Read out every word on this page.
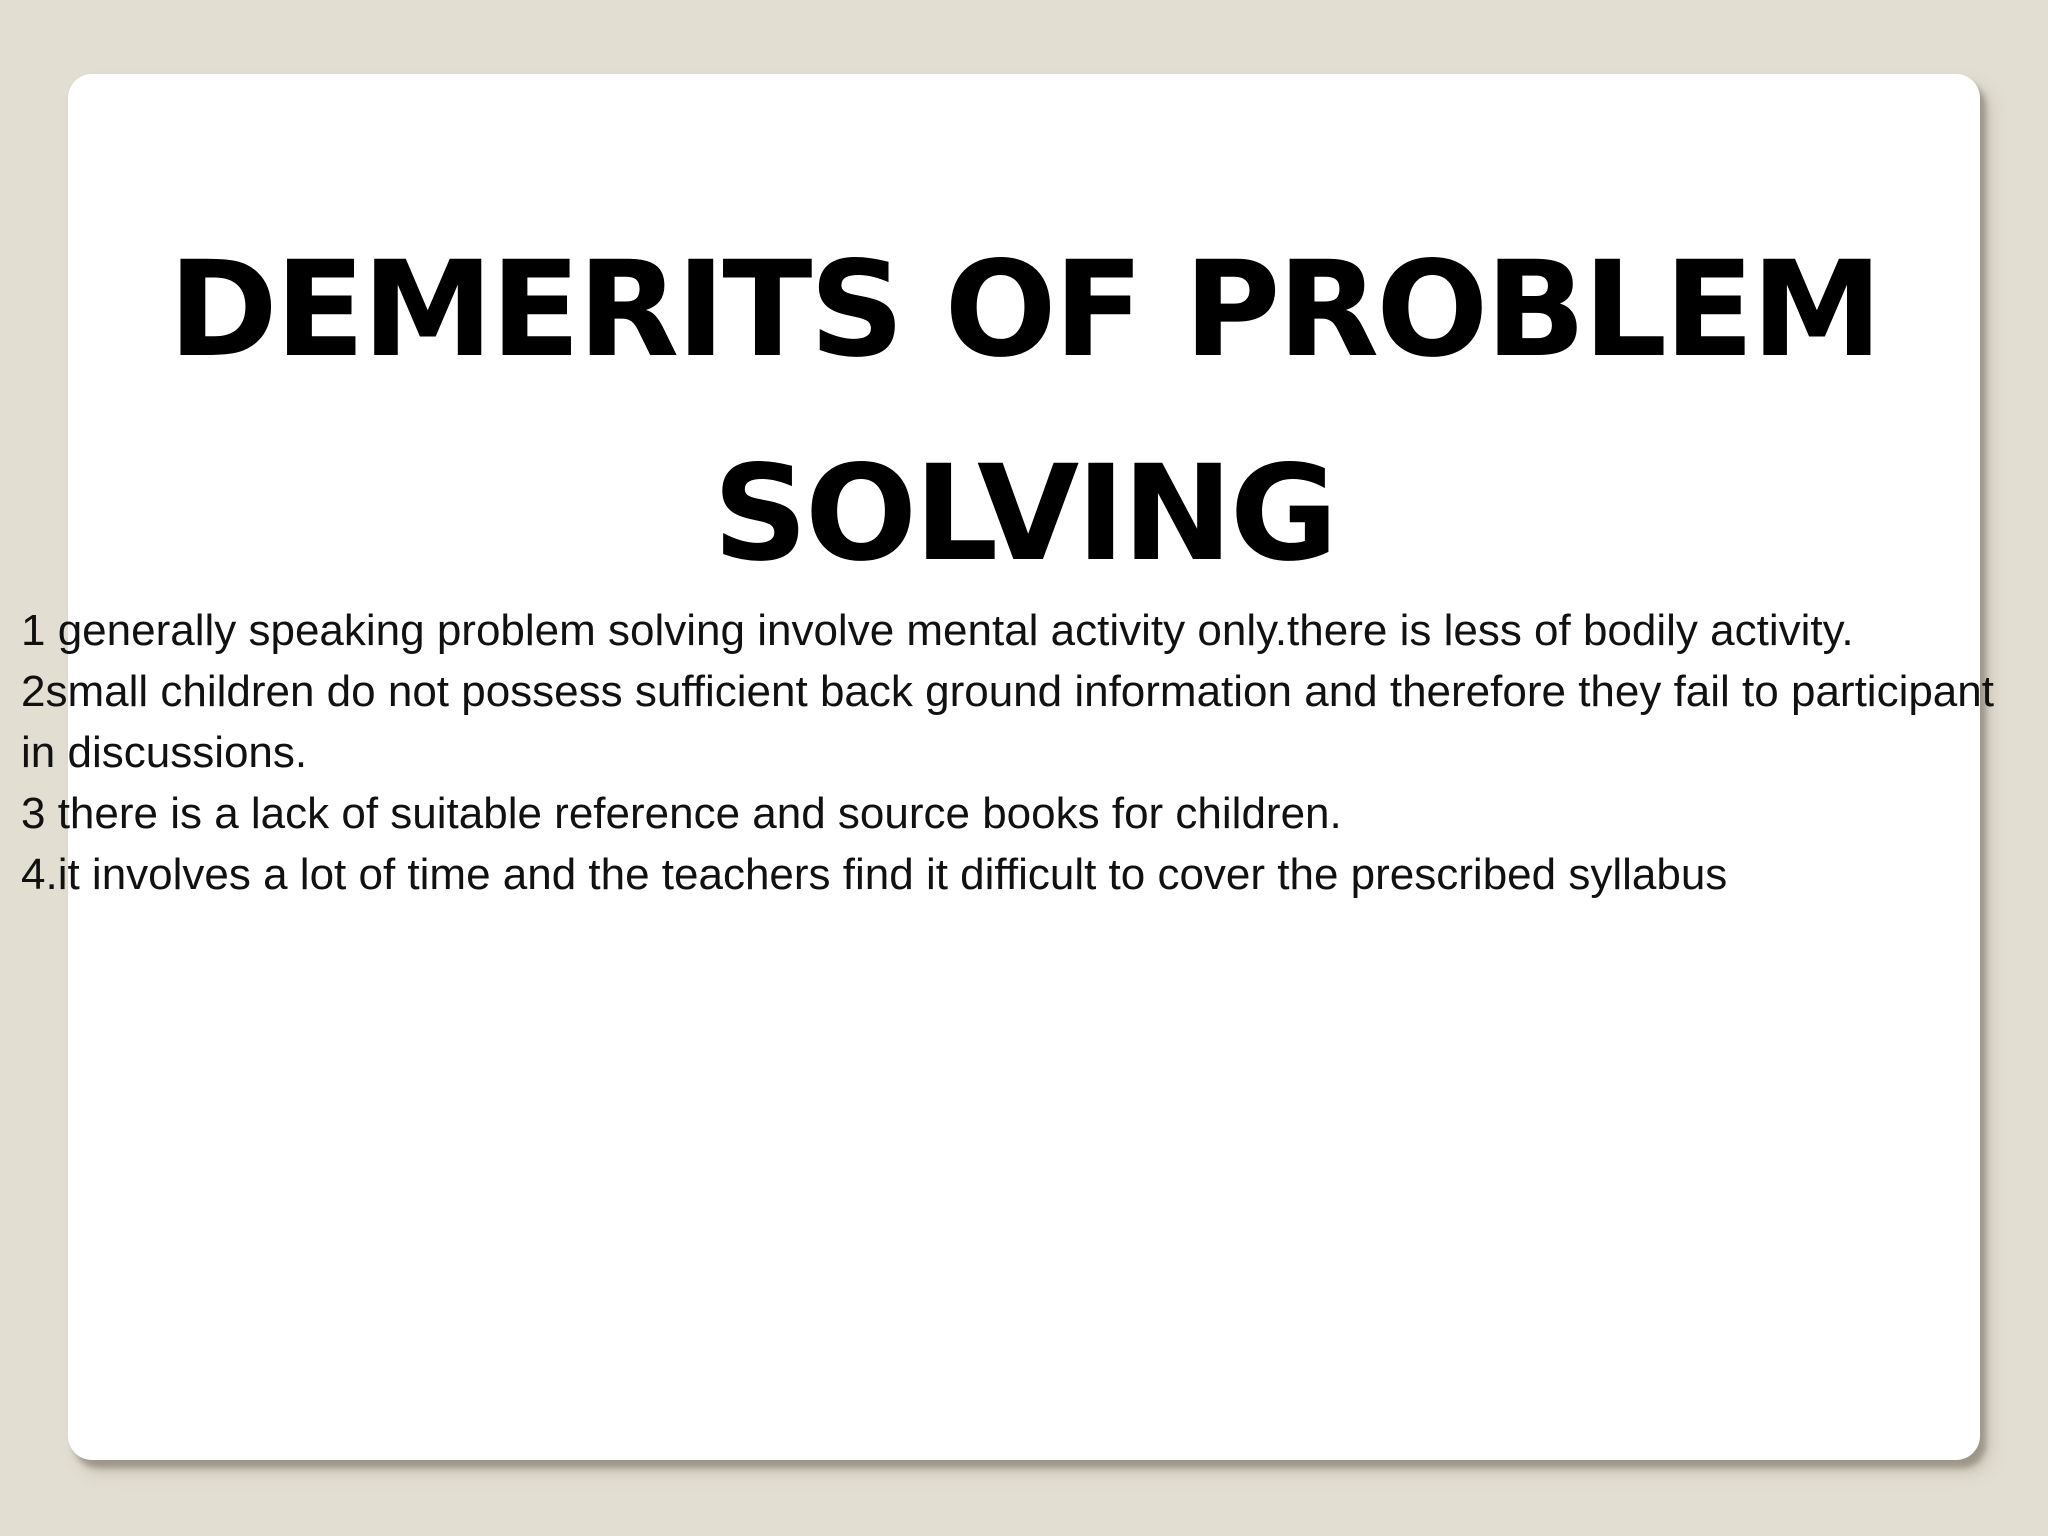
DEMERITS OF PROBLEM SOLVING
1 generally speaking problem solving involve mental activity only.there is less of bodily activity.
2small children do not possess sufficient back ground information and therefore they fail to participant in discussions.
3 there is a lack of suitable reference and source books for children.
4.it involves a lot of time and the teachers find it difficult to cover the prescribed syllabus
